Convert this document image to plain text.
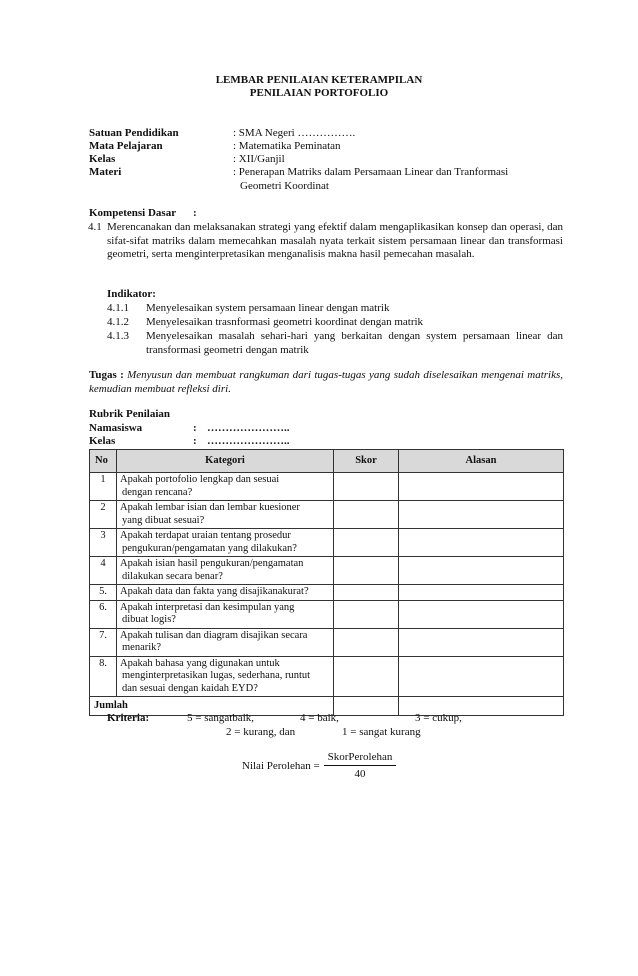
LEMBAR PENILAIAN KETERAMPILAN
PENILAIAN PORTOFOLIO
Satuan Pendidikan	: SMA Negeri …………….
Mata Pelajaran	: Matematika Peminatan
Kelas	: XII/Ganjil
Materi	: Penerapan Matriks dalam Persamaan Linear dan Tranformasi
Geometri Koordinat
Kompetensi Dasar :
4.1 Merencanakan dan melaksanakan strategi yang efektif dalam mengaplikasikan konsep dan operasi, dan sifat-sifat matriks dalam memecahkan masalah nyata terkait sistem persamaan linear dan transformasi geometri, serta menginterpretasikan menganalisis makna hasil pemecahan masalah.
Indikator:
4.1.1 Menyelesaikan system persamaan linear dengan matrik
4.1.2 Menyelesaikan trasnformasi geometri koordinat dengan matrik
4.1.3 Menyelesaikan masalah sehari-hari yang berkaitan dengan system persamaan linear dan transformasi geometri dengan matrik
Tugas : Menyusun dan membuat rangkuman dari tugas-tugas yang sudah diselesaikan mengenai matriks, kemudian membuat refleksi diri.
Rubrik Penilaian
Namasiswa	: …………………..
Kelas	: …………………..
No	Kategori	Skor	Alasan
1	Apakah portofolio lengkap dan sesuai
dengan rencana?		

2	Apakah lembar isian dan lembar kuesioner
yang dibuat sesuai?		

3	Apakah terdapat uraian tentang prosedur
pengukuran/pengamatan yang dilakukan?		

4	Apakah isian hasil pengukuran/pengamatan
dilakukan secara benar?		

5.	Apakah data dan fakta yang disajikanakurat?		
6.	Apakah interpretasi dan kesimpulan yang
dibuat logis?		

7.	Apakah tulisan dan diagram disajikan secara
menarik?		

8.	Apakah bahasa yang digunakan untuk
menginterpretasikan lugas, sederhana, runtut
dan sesuai dengan kaidah EYD?		

Jumlah			
Kriteria:	5 = sangatbaik,	4 = baik,	3 = cukup,
2 = kurang, dan	1 = sangat kurang
Nilai Perolehan =
SkorPerolehan
40
